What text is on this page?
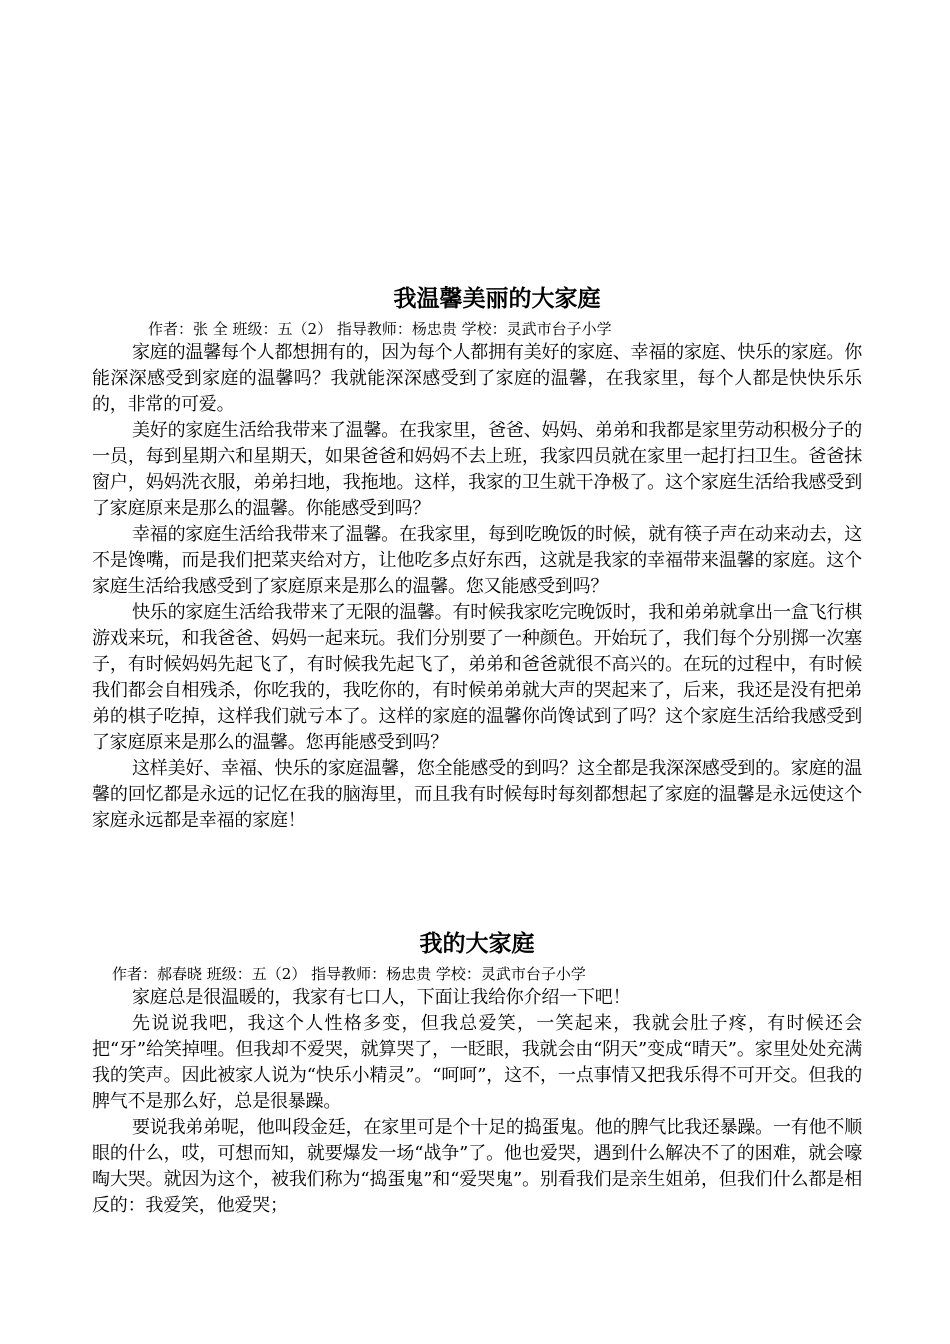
我温馨美丽的大家庭

作者：张 全 班级：五（2） 指导教师：杨忠贵 学校：灵武市台子小学

家庭的温馨每个人都想拥有的，因为每个人都拥有美好的家庭、幸福的家庭、快乐的家庭。你能深深感受到家庭的温馨吗？我就能深深感受到了家庭的温馨，在我家里，每个人都是快快乐乐的，非常的可爱。

美好的家庭生活给我带来了温馨。在我家里，爸爸、妈妈、弟弟和我都是家里劳动积极分子的一员，每到星期六和星期天，如果爸爸和妈妈不去上班，我家四员就在家里一起打扫卫生。爸爸抹窗户，妈妈洗衣服，弟弟扫地，我拖地。这样，我家的卫生就干净极了。这个家庭生活给我感受到了家庭原来是那么的温馨。你能感受到吗？

幸福的家庭生活给我带来了温馨。在我家里，每到吃晚饭的时候，就有筷子声在动来动去，这不是馋嘴，而是我们把菜夹给对方，让他吃多点好东西，这就是我家的幸福带来温馨的家庭。这个家庭生活给我感受到了家庭原来是那么的温馨。您又能感受到吗？

快乐的家庭生活给我带来了无限的温馨。有时候我家吃完晚饭时，我和弟弟就拿出一盒飞行棋游戏来玩，和我爸爸、妈妈一起来玩。我们分别要了一种颜色。开始玩了，我们每个分别掷一次塞子，有时候妈妈先起飞了，有时候我先起飞了，弟弟和爸爸就很不高兴的。在玩的过程中，有时候我们都会自相残杀，你吃我的，我吃你的，有时候弟弟就大声的哭起来了，后来，我还是没有把弟弟的棋子吃掉，这样我们就亏本了。这样的家庭的温馨你尚馋试到了吗？这个家庭生活给我感受到了家庭原来是那么的温馨。您再能感受到吗？

这样美好、幸福、快乐的家庭温馨，您全能感受的到吗？这全都是我深深感受到的。家庭的温馨的回忆都是永远的记忆在我的脑海里，而且我有时候每时每刻都想起了家庭的温馨是永远使这个家庭永远都是幸福的家庭！

我的大家庭

作者：郝春晓 班级：五（2） 指导教师：杨忠贵 学校：灵武市台子小学

家庭总是很温暖的，我家有七口人，下面让我给你介绍一下吧！

先说说我吧，我这个人性格多变，但我总爱笑，一笑起来，我就会肚子疼，有时候还会把“牙”给笑掉哩。但我却不爱哭，就算哭了，一眨眼，我就会由“阴天”变成“晴天”。家里处处充满我的笑声。因此被家人说为“快乐小精灵”。“呵呵”，这不，一点事情又把我乐得不可开交。但我的脾气不是那么好，总是很暴躁。

要说我弟弟呢，他叫段金廷，在家里可是个十足的捣蛋鬼。他的脾气比我还暴躁。一有他不顺眼的什么，哎，可想而知，就要爆发一场“战争”了。他也爱哭，遇到什么解决不了的困难，就会嚎啕大哭。就因为这个，被我们称为“捣蛋鬼”和“爱哭鬼”。别看我们是亲生姐弟，但我们什么都是相反的：我爱笑，他爱哭；
